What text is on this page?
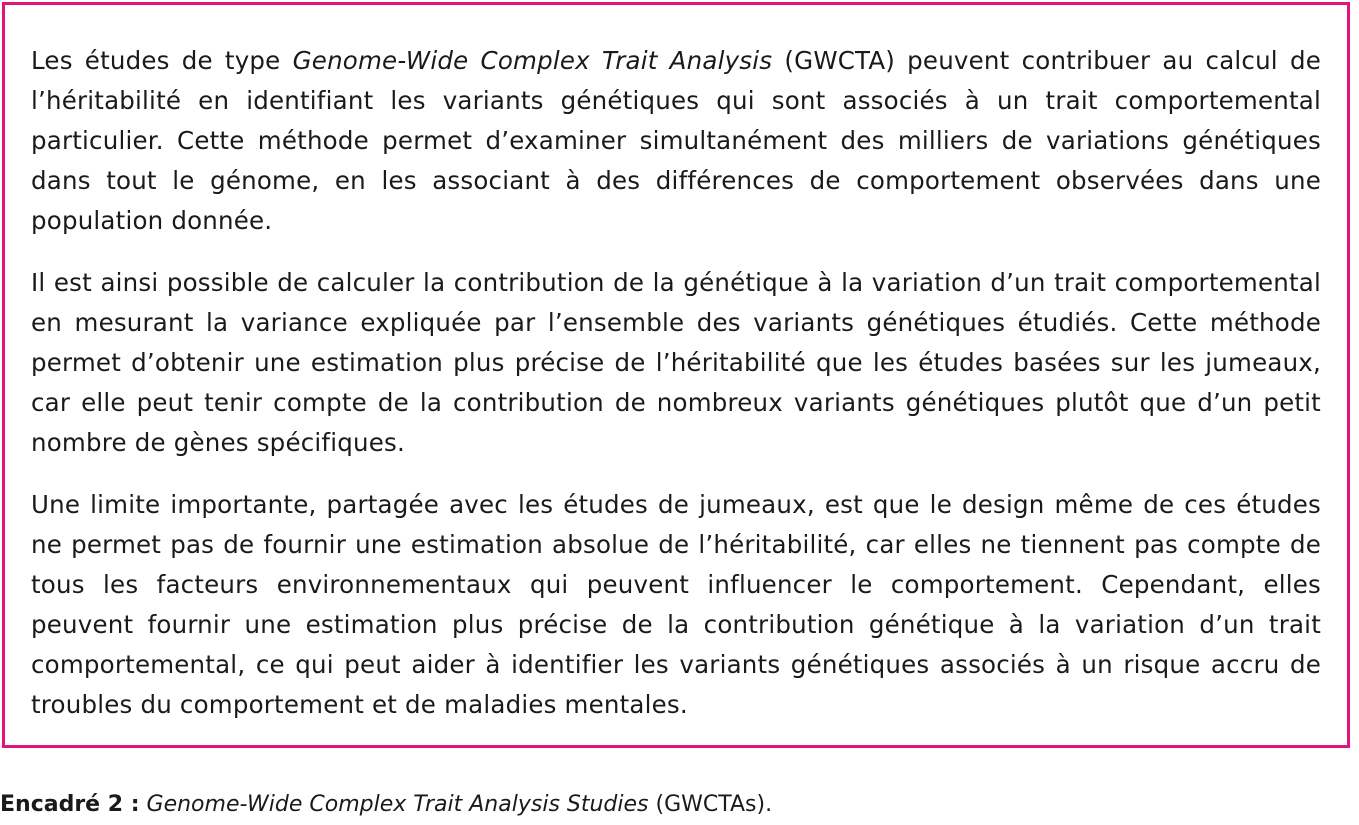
Les études de type Genome-Wide Complex Trait Analysis (GWCTA) peuvent contribuer au calcul de l’héritabilité en identifiant les variants génétiques qui sont associés à un trait comportemental particulier. Cette méthode permet d’examiner simultanément des milliers de variations génétiques dans tout le génome, en les associant à des différences de comportement observées dans une population donnée.

Il est ainsi possible de calculer la contribution de la génétique à la variation d’un trait comportemental en mesurant la variance expliquée par l’ensemble des variants génétiques étudiés. Cette méthode permet d’obtenir une estimation plus précise de l’héritabilité que les études basées sur les jumeaux, car elle peut tenir compte de la contribution de nombreux variants génétiques plutôt que d’un petit nombre de gènes spécifiques.

Une limite importante, partagée avec les études de jumeaux, est que le design même de ces études ne permet pas de fournir une estimation absolue de l’héritabilité, car elles ne tiennent pas compte de tous les facteurs environnementaux qui peuvent influencer le comportement. Cependant, elles peuvent fournir une estimation plus précise de la contribution génétique à la variation d’un trait comportemental, ce qui peut aider à identifier les variants génétiques associés à un risque accru de troubles du comportement et de maladies mentales.

Encadré 2 : Genome-Wide Complex Trait Analysis Studies (GWCTAs).
